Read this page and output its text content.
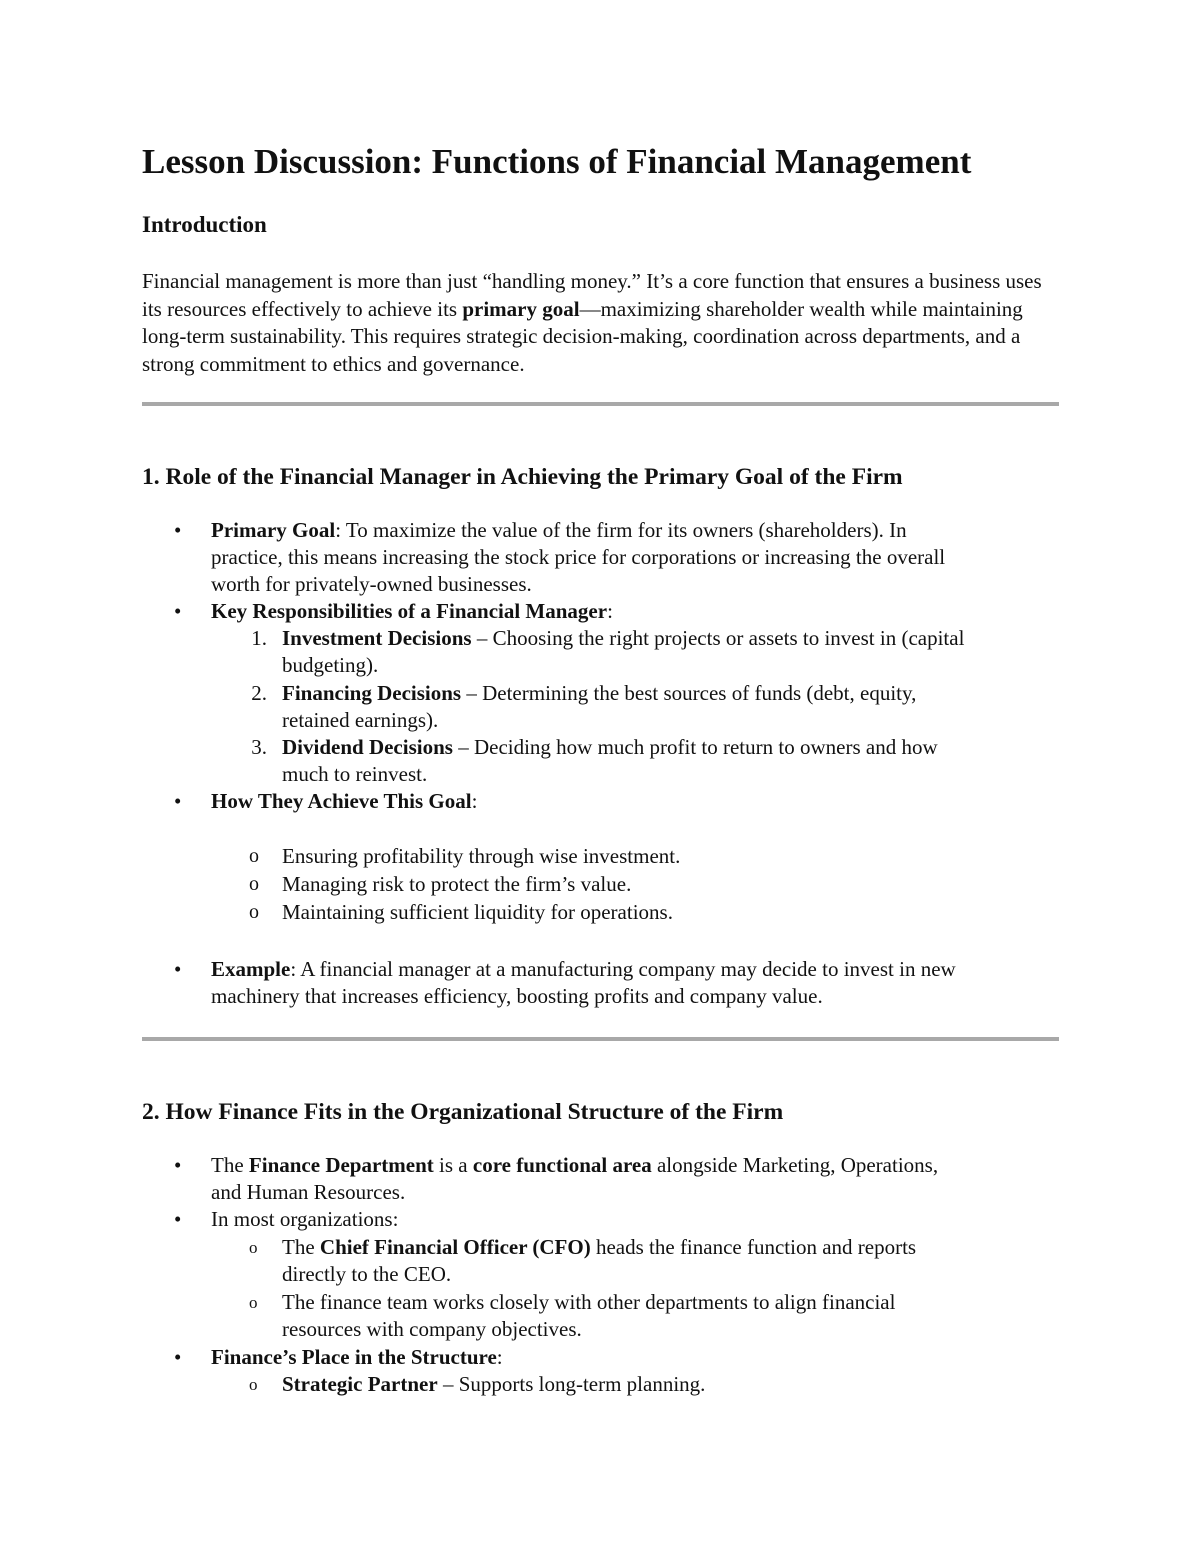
Lesson Discussion: Functions of Financial Management
Introduction

Financial management is more than just “handling money.” It’s a core function that ensures a business uses its resources effectively to achieve its primary goal—maximizing shareholder wealth while maintaining long-term sustainability. This requires strategic decision-making, coordination across departments, and a strong commitment to ethics and governance.

1. Role of the Financial Manager in Achieving the Primary Goal of the Firm
• Primary Goal: To maximize the value of the firm for its owners (shareholders). In
practice, this means increasing the stock price for corporations or increasing the overall
worth for privately-owned businesses.
• Key Responsibilities of a Financial Manager:
1. Investment Decisions – Choosing the right projects or assets to invest in (capital
budgeting).
2. Financing Decisions – Determining the best sources of funds (debt, equity,
retained earnings).
3. Dividend Decisions – Deciding how much profit to return to owners and how
much to reinvest.
• How They Achieve This Goal:
o Ensuring profitability through wise investment.
o Managing risk to protect the firm’s value.
o Maintaining sufficient liquidity for operations.
• Example: A financial manager at a manufacturing company may decide to invest in new
machinery that increases efficiency, boosting profits and company value.
2. How Finance Fits in the Organizational Structure of the Firm
• The Finance Department is a core functional area alongside Marketing, Operations,
and Human Resources.
• In most organizations:
o The Chief Financial Officer (CFO) heads the finance function and reports
directly to the CEO.
o The finance team works closely with other departments to align financial
resources with company objectives.
• Finance’s Place in the Structure:
o Strategic Partner – Supports long-term planning.
